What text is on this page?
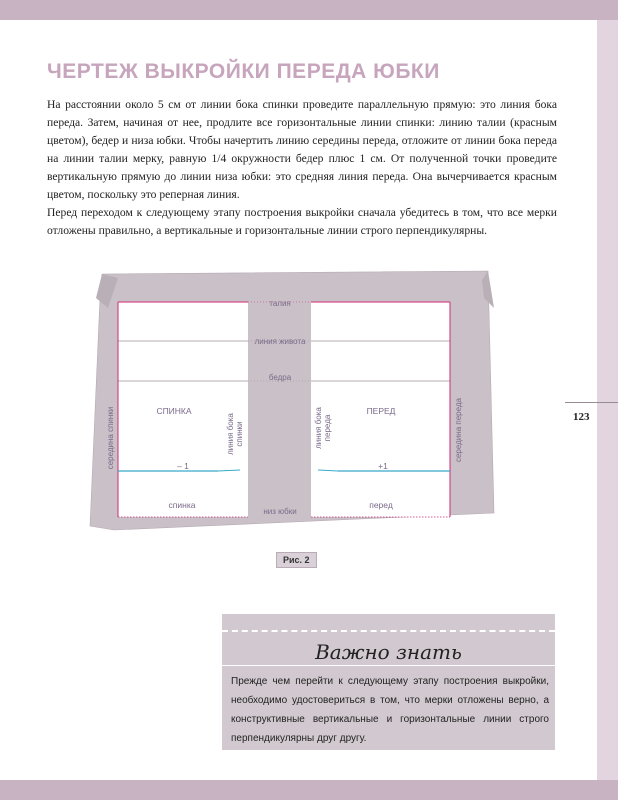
123
ЧЕРТЕЖ ВЫКРОЙКИ ПЕРЕДА ЮБКИ

На расстоянии около 5 см от линии бока спинки проведите параллельную прямую: это линия бока переда. Затем, начиная от нее, продлите все горизонтальные линии спинки: линию талии (красным цветом), бедер и низа юбки. Чтобы начертить линию середины переда, отложите от линии бока переда на линии талии мерку, равную 1/4 окружности бедер плюс 1 см. От полученной точки проведите вертикальную прямую до линии низа юбки: это средняя линия переда. Она вычерчивается красным цветом, поскольку это реперная линия.

Перед переходом к следующему этапу построения выкройки сначала убедитесь в том, что все мерки отложены правильно, а вертикальные и горизонтальные линии строго перпендикулярны.

талия
линия живота
бедра
низ юбки
середина спинки	середина переда
СПИНКА	ПЕРЕД
линия бока спинки	линия бока переда
– 1	+1
спинка	перед
Рис. 2
Важно знать
Прежде чем перейти к следующему этапу построения выкройки, необходимо удостовериться в том, что мерки отложены верно, а конструктивные вертикальные и горизонтальные линии строго перпендикулярны друг другу.
